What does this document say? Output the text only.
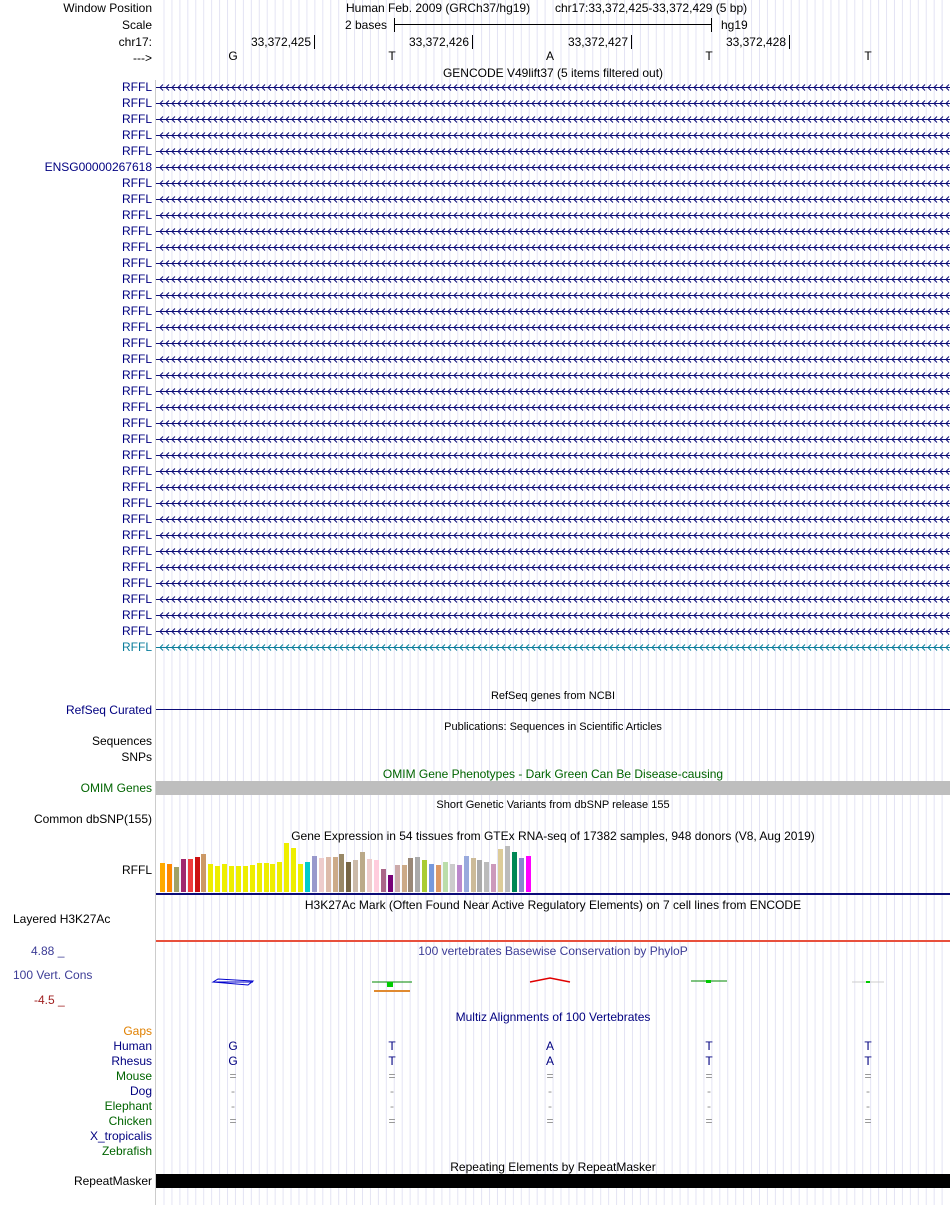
Window Position	Human Feb. 2009 (GRCh37/hg19) chr17:33,372,425-33,372,429 (5 bp)
Scale	2 bases	hg19
chr17:	33,372,425	33,372,426	33,372,427	33,372,428
--->	G	T	A	T	T
GENCODE V49lift37 (5 items filtered out)
RFFL
RFFL
RFFL
RFFL
RFFL
ENSG00000267618
RFFL
RFFL
RFFL
RFFL
RFFL
RFFL
RFFL
RFFL
RFFL
RFFL
RFFL
RFFL
RFFL
RFFL
RFFL
RFFL
RFFL
RFFL
RFFL
RFFL
RFFL
RFFL
RFFL
RFFL
RFFL
RFFL
RFFL
RFFL
RFFL
RFFL
RefSeq genes from NCBI
RefSeq Curated
Publications: Sequences in Scientific Articles
Sequences
SNPs
OMIM Gene Phenotypes - Dark Green Can Be Disease-causing
OMIM Genes
Short Genetic Variants from dbSNP release 155
Common dbSNP(155)
Gene Expression in 54 tissues from GTEx RNA-seq of 17382 samples, 948 donors (V8, Aug 2019)
RFFL
H3K27Ac Mark (Often Found Near Active Regulatory Elements) on 7 cell lines from ENCODE
Layered H3K27Ac
4.88 _	100 vertebrates Basewise Conservation by PhyloP
100 Vert. Cons
-4.5 _
Multiz Alignments of 100 Vertebrates
Gaps
Human	G	T	A	T	T
Rhesus	G	T	A	T	T
Mouse	=	=	=	=	=
Dog	-	-	-	-	-
Elephant	-	-	-	-	-
Chicken	=	=	=	=	=
X_tropicalis
Zebrafish
Repeating Elements by RepeatMasker
RepeatMasker
